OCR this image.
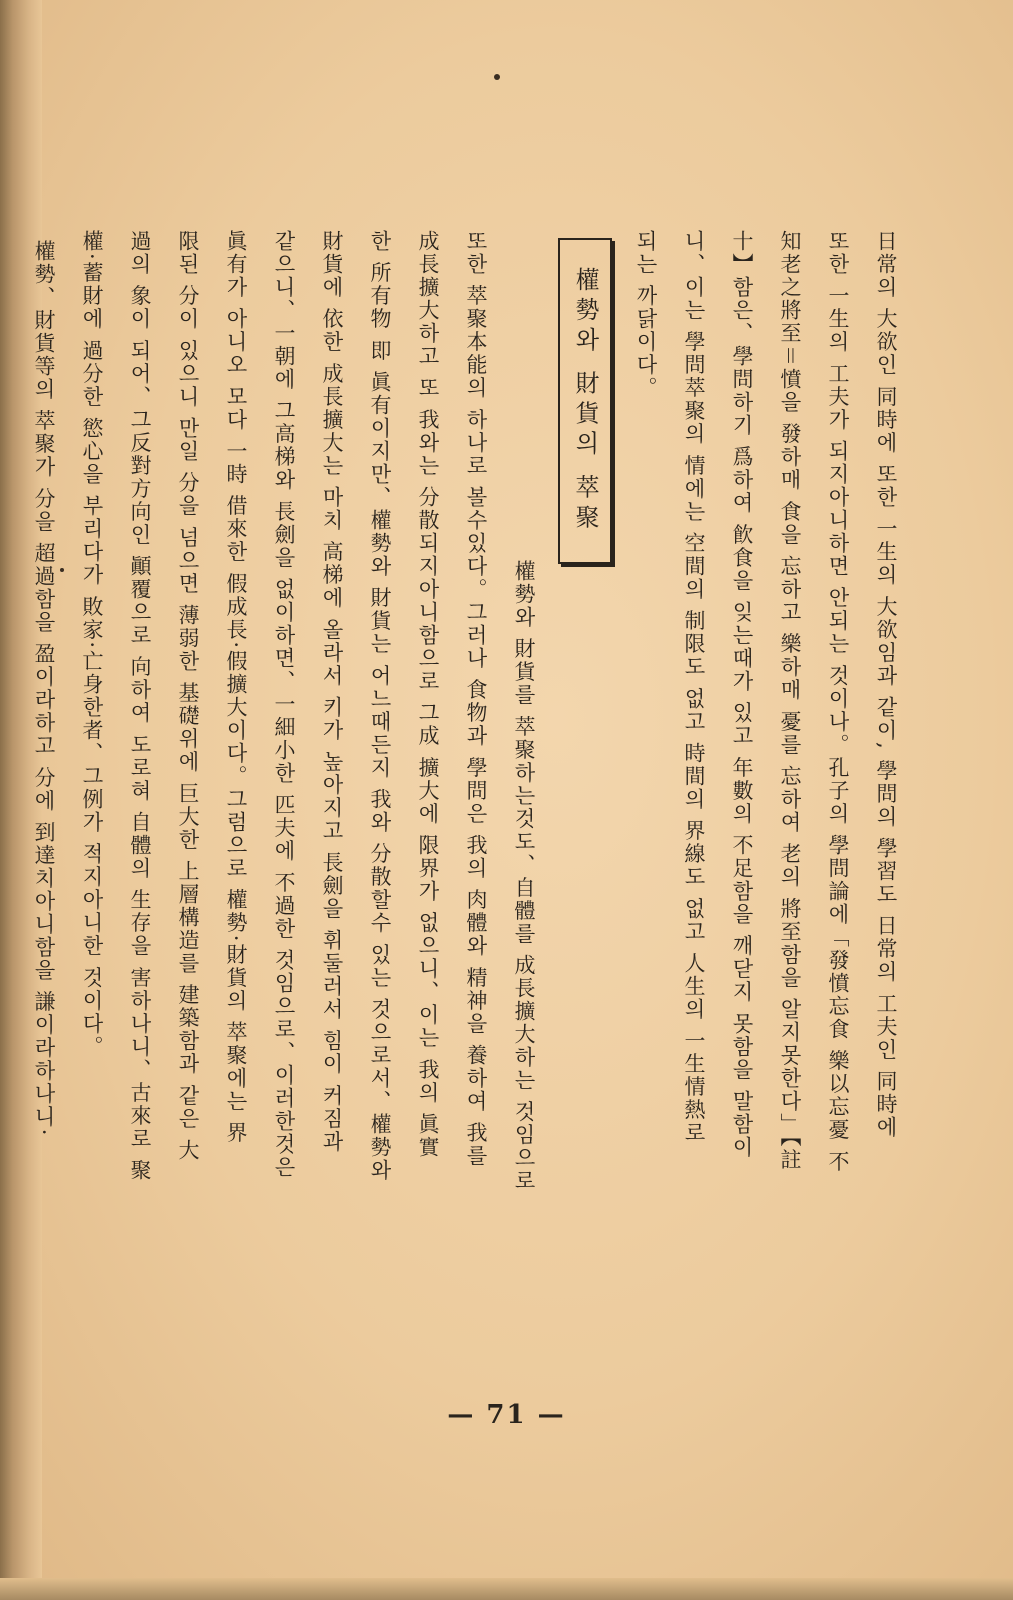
日常의 大欲인 同時에 또한 一生의 大欲임과 같이, 學問의 學習도 日常의 工夫인 同時에
또한 一生의 工夫가 되지아니하면 안되는 것이나。孔子의 學問論에「發憤忘食 樂以忘憂 不
知老之將至＝憤을 發하매 食을 忘하고 樂하매 憂를 忘하여 老의 將至함을 알지못한다」【註
十】함은、學問하기 爲하여 飮食을 잊는때가 있고 年數의 不足함을 깨닫지 못함을 말함이
니、이는 學問萃聚의 情에는 空間의 制限도 없고 時間의 界線도 없고 人生의 一生情熱로
되는 까닭이다。
權勢와 財貨의 萃聚
權勢와 財貨를 萃聚하는것도、自體를 成長擴大하는 것임으로
또한 萃聚本能의 하나로 볼수있다。그러나 食物과 學問은 我의 肉體와 精神을 養하여 我를
成長擴大하고 또 我와는 分散되지아니함으로 그成 擴大에 限界가 없으니、이는 我의 眞實
한 所有物 即 眞有이지만、權勢와 財貨는 어느때든지 我와 分散할수 있는 것으로서、權勢와
財貨에 依한 成長擴大는 마치 高梯에 올라서 키가 높아지고 長劍을 휘둘러서 힘이 커짐과
같으니、一朝에 그高梯와 長劍을 없이하면、一細小한 匹夫에 不過한 것임으로、이러한것은
眞有가 아니오 모다 一時 借來한 假成長·假擴大이다。그럼으로 權勢·財貨의 萃聚에는 界
限된 分이 있으니 만일 分을 넘으면 薄弱한 基礎위에 巨大한 上層構造를 建築함과 같은 大
過의 象이 되어、그反對方向인 顚覆으로 向하여 도로혀 自體의 生存을 害하나니、古來로 聚
權·蓄財에 過分한 慾心을 부리다가 敗家·亡身한者、그例가 적지아니한 것이다。
權勢、財貨等의 萃聚가 分을 超過함을 盈이라하고 分에 到達치아니함을 謙이라하나니·
— 71 —
